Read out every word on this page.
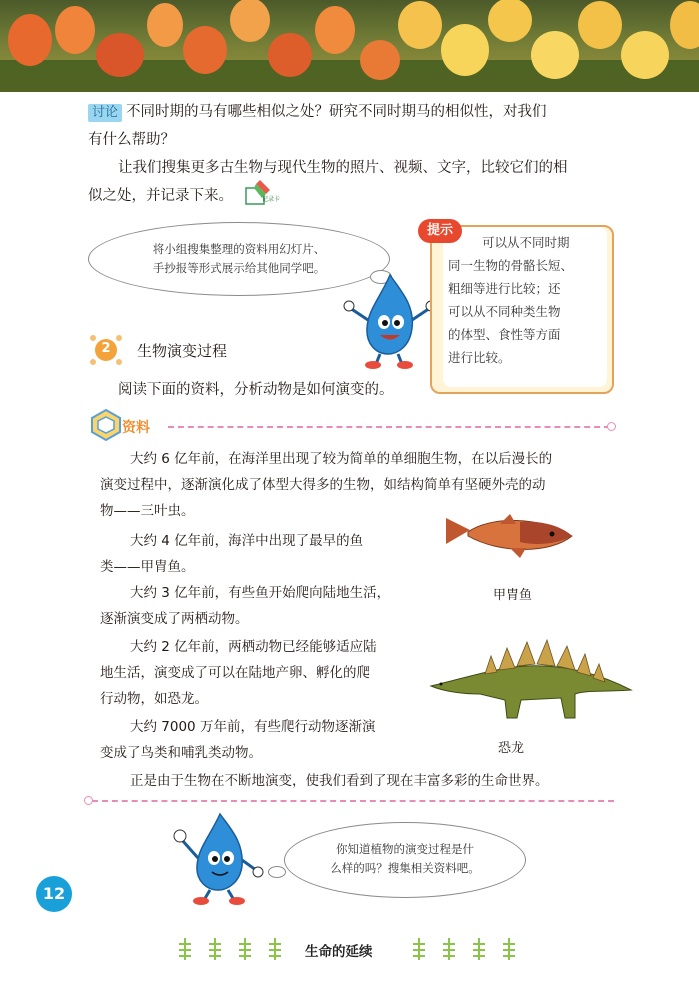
讨论 不同时期的马有哪些相似之处？研究不同时期马的相似性，对我们
有什么帮助？
让我们搜集更多古生物与现代生物的照片、视频、文字，比较它们的相
似之处，并记录下来。	记录卡
将小组搜集整理的资料用幻灯片、
手抄报等形式展示给其他同学吧。
提示
可以从不同时期
同一生物的骨骼长短、
粗细等进行比较；还
可以从不同种类生物
的体型、食性等方面
进行比较。
2	生物演变过程
阅读下面的资料，分析动物是如何演变的。
资料
大约 6 亿年前，在海洋里出现了较为简单的单细胞生物，在以后漫长的
演变过程中，逐渐演化成了体型大得多的生物，如结构简单有坚硬外壳的动
物——三叶虫。
大约 4 亿年前，海洋中出现了最早的鱼
类——甲胄鱼。
大约 3 亿年前，有些鱼开始爬向陆地生活，
逐渐演变成了两栖动物。
大约 2 亿年前，两栖动物已经能够适应陆
地生活，演变成了可以在陆地产卵、孵化的爬
行动物，如恐龙。
大约 7000 万年前，有些爬行动物逐渐演
变成了鸟类和哺乳类动物。
正是由于生物在不断地演变，使我们看到了现在丰富多彩的生命世界。
甲胄鱼
恐龙
你知道植物的演变过程是什
么样的吗？搜集相关资料吧。
12
生命的延续
